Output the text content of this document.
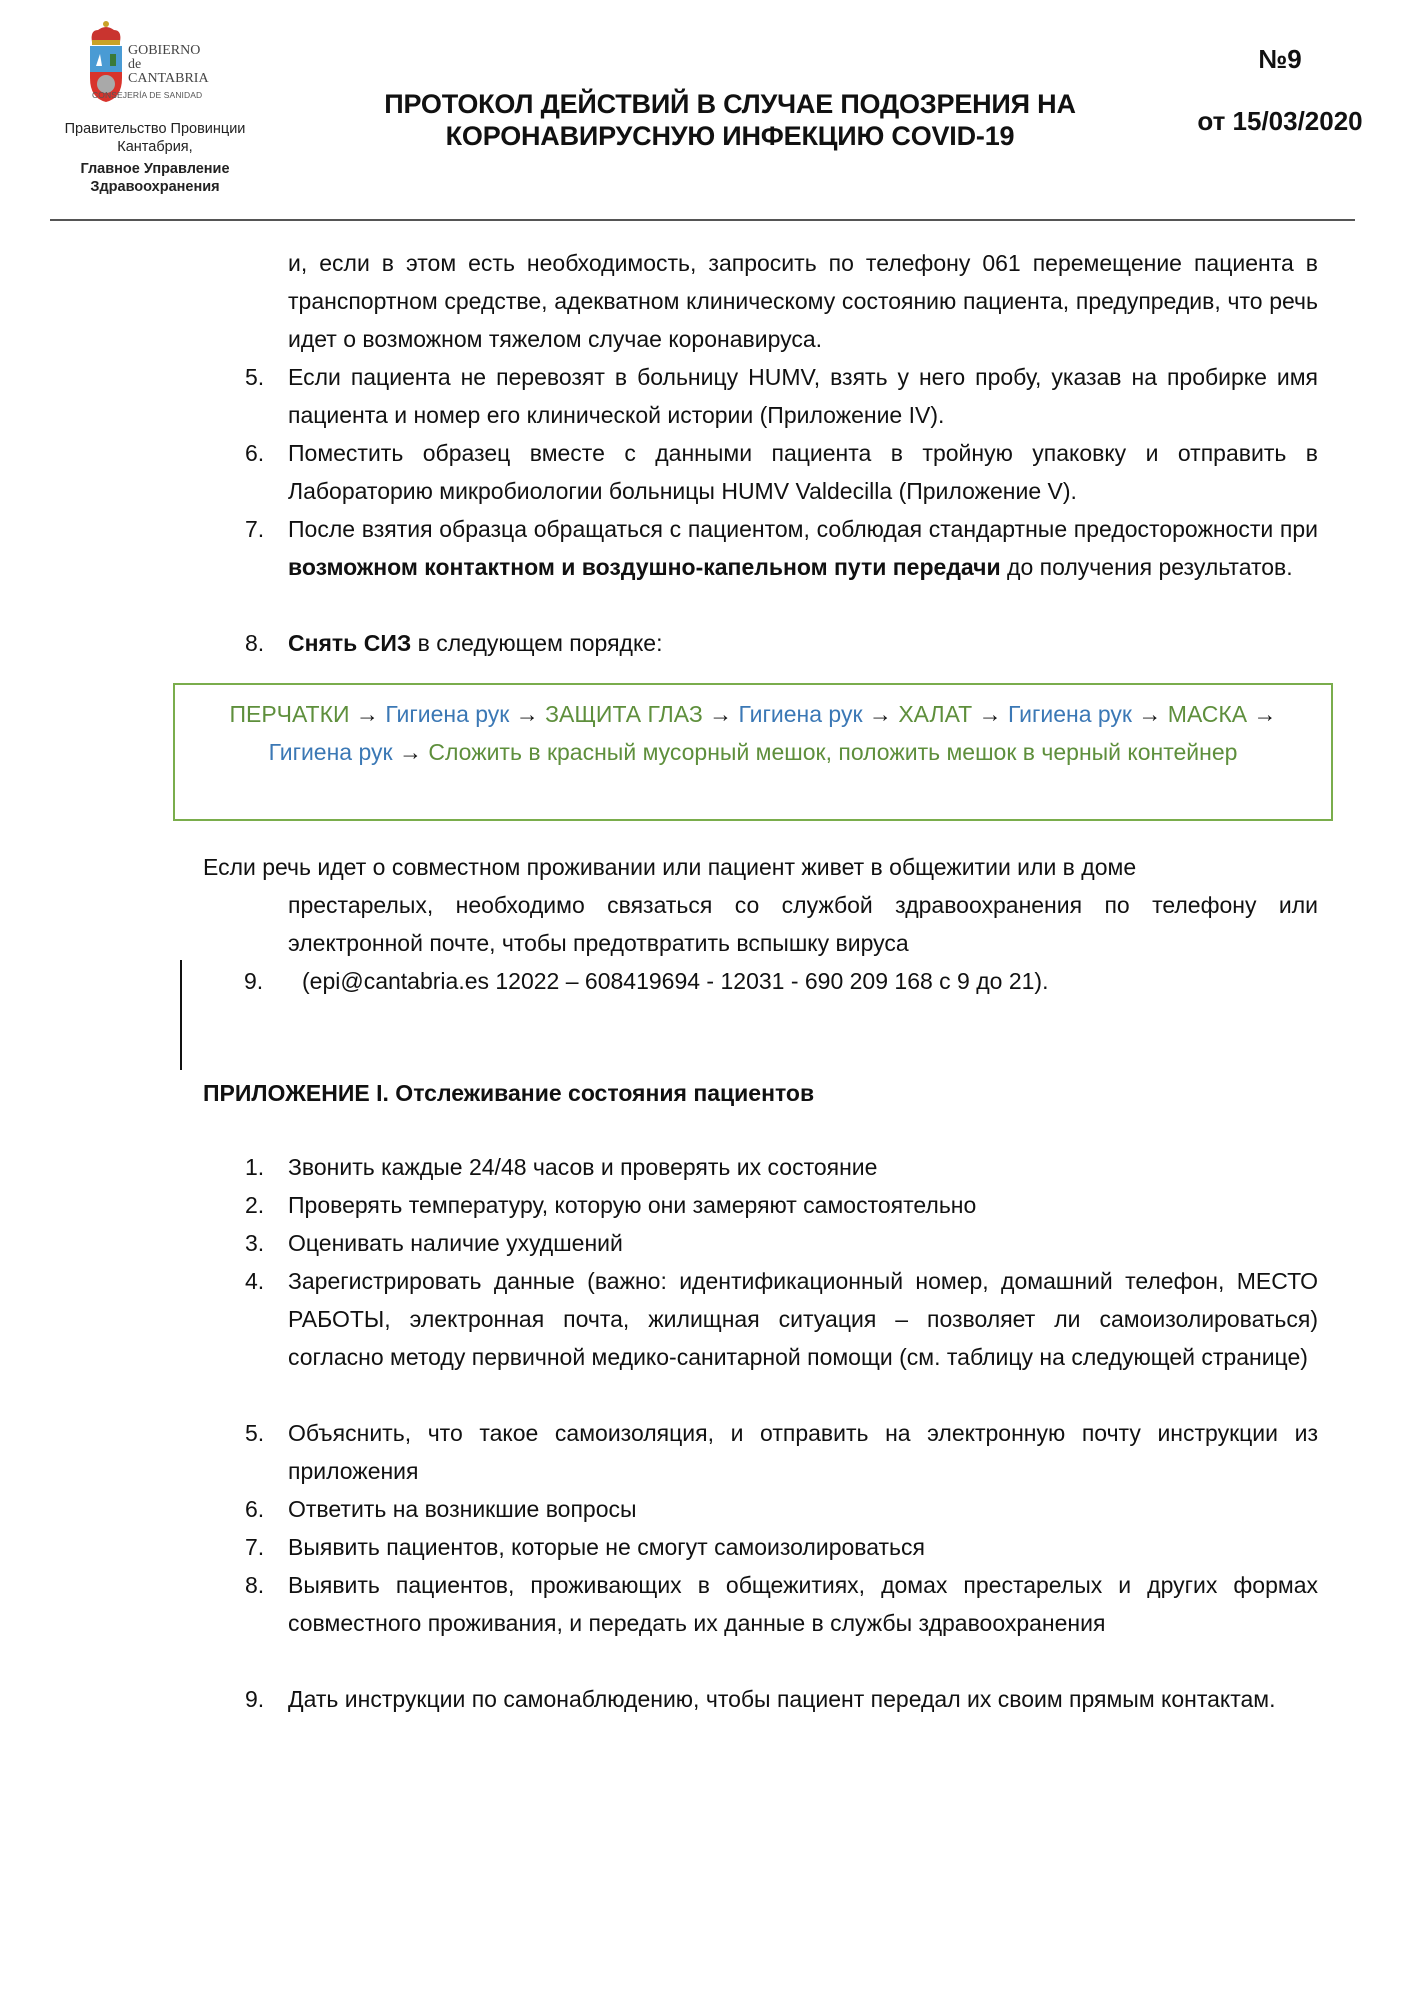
GOBIERNO
de
CANTABRIA
CONSEJERÍA DE SANIDAD
Правительство Провинции
Кантабрия,
Главное Управление
Здравоохранения
ПРОТОКОЛ ДЕЙСТВИЙ В СЛУЧАЕ ПОДОЗРЕНИЯ НА
КОРОНАВИРУСНУЮ ИНФЕКЦИЮ COVID-19
№9
от 15/03/2020
и, если в этом есть необходимость, запросить по телефону 061 перемещение пациента в транспортном средстве, адекватном клиническому состоянию пациента, предупредив, что речь идет о возможном тяжелом случае коронавируса.
5. Если пациента не перевозят в больницу HUMV, взять у него пробу, указав на пробирке имя пациента и номер его клинической истории (Приложение IV).
6. Поместить образец вместе с данными пациента в тройную упаковку и отправить в Лабораторию микробиологии больницы HUMV Valdecilla (Приложение V).
7. После взятия образца обращаться с пациентом, соблюдая стандартные предосторожности при возможном контактном и воздушно-капельном пути передачи до получения результатов.
8. Снять СИЗ в следующем порядке:
ПЕРЧАТКИ → Гигиена рук → ЗАЩИТА ГЛАЗ → Гигиена рук → ХАЛАТ → Гигиена рук → МАСКА → Гигиена рук → Сложить в красный мусорный мешок, положить мешок в черный контейнер
Если речь идет о совместном проживании или пациент живет в общежитии или в доме
престарелых, необходимо связаться со службой здравоохранения по телефону или электронной почте, чтобы предотвратить вспышку вируса
9. (epi@cantabria.es 12022 – 608419694 - 12031 - 690 209 168 с 9 до 21).
ПРИЛОЖЕНИЕ I. Отслеживание состояния пациентов
1. Звонить каждые 24/48 часов и проверять их состояние
2. Проверять температуру, которую они замеряют самостоятельно
3. Оценивать наличие ухудшений
4. Зарегистрировать данные (важно: идентификационный номер, домашний телефон, МЕСТО РАБОТЫ, электронная почта, жилищная ситуация – позволяет ли самоизолироваться) согласно методу первичной медико-санитарной помощи (см. таблицу на следующей странице)
5. Объяснить, что такое самоизоляция, и отправить на электронную почту инструкции из приложения
6. Ответить на возникшие вопросы
7. Выявить пациентов, которые не смогут самоизолироваться
8. Выявить пациентов, проживающих в общежитиях, домах престарелых и других формах совместного проживания, и передать их данные в службы здравоохранения
9. Дать инструкции по самонаблюдению, чтобы пациент передал их своим прямым контактам.
